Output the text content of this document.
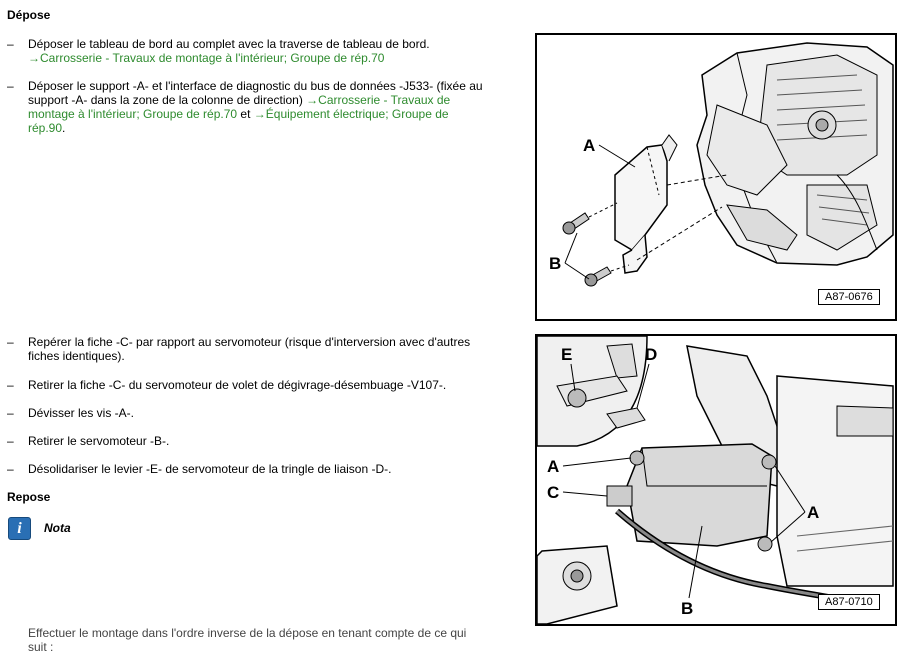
Dépose
– Déposer le tableau de bord au complet avec la traverse de tableau de bord.
→Carrosserie - Travaux de montage à l'intérieur; Groupe de rép.70
– Déposer le support -A- et l'interface de diagnostic du bus de données -J533- (fixée au
support -A- dans la zone de la colonne de direction) →Carrosserie - Travaux de
montage à l'intérieur; Groupe de rép.70 et →Équipement électrique; Groupe de
rép.90.
A
B
A87-0676
– Repérer la fiche -C- par rapport au servomoteur (risque d'interversion avec d'autres
fiches identiques).
– Retirer la fiche -C- du servomoteur de volet de dégivrage-désembuage -V107-.
– Dévisser les vis -A-.
– Retirer le servomoteur -B-.
– Désolidariser le levier -E- de servomoteur de la tringle de liaison -D-.
Repose
i	Nota
Effectuer le montage dans l'ordre inverse de la dépose en tenant compte de ce qui suit :
E	D
A
C
A
B	A87-0710
